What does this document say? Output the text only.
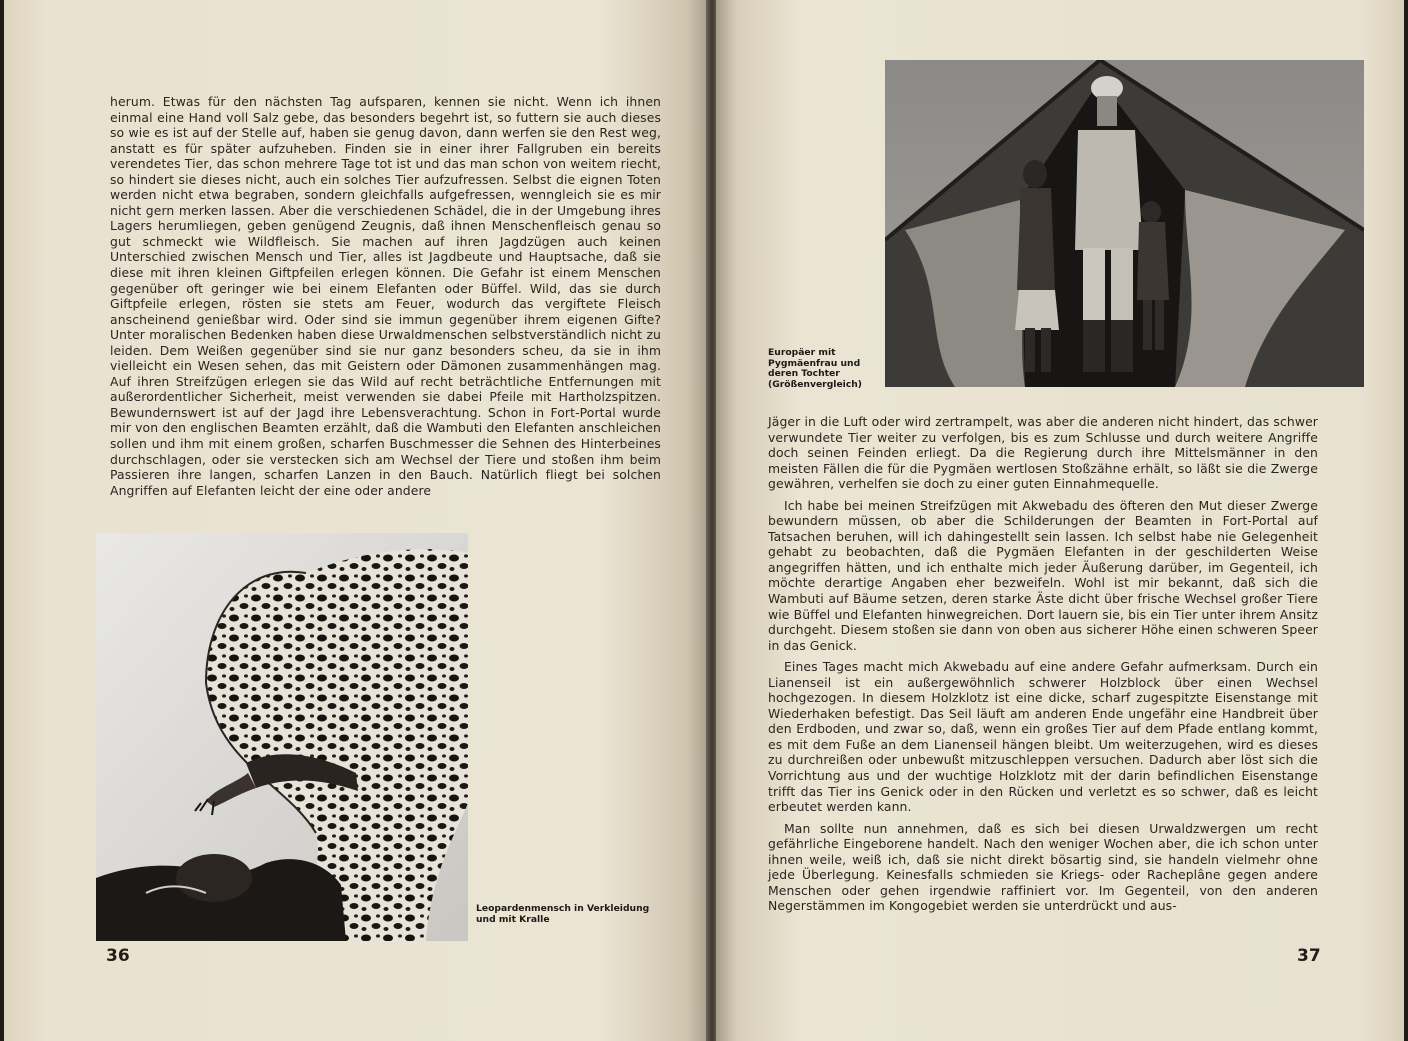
herum. Etwas für den nächsten Tag aufsparen, kennen sie nicht. Wenn ich ihnen einmal eine Hand voll Salz gebe, das besonders begehrt ist, so futtern sie auch dieses so wie es ist auf der Stelle auf, haben sie genug davon, dann werfen sie den Rest weg, anstatt es für später aufzuheben. Finden sie in einer ihrer Fallgruben ein bereits verendetes Tier, das schon mehrere Tage tot ist und das man schon von weitem riecht, so hindert sie dieses nicht, auch ein solches Tier aufzufressen. Selbst die eignen Toten werden nicht etwa begraben, sondern gleichfalls aufgefressen, wenngleich sie es mir nicht gern merken lassen. Aber die verschiedenen Schädel, die in der Umgebung ihres Lagers herumliegen, geben genügend Zeugnis, daß ihnen Menschenfleisch genau so gut schmeckt wie Wildfleisch. Sie machen auf ihren Jagdzügen auch keinen Unterschied zwischen Mensch und Tier, alles ist Jagdbeute und Hauptsache, daß sie diese mit ihren kleinen Giftpfeilen erlegen können. Die Gefahr ist einem Menschen gegenüber oft geringer wie bei einem Elefanten oder Büffel. Wild, das sie durch Giftpfeile erlegen, rösten sie stets am Feuer, wodurch das vergiftete Fleisch anscheinend genießbar wird. Oder sind sie immun gegenüber ihrem eigenen Gifte? Unter moralischen Bedenken haben diese Urwaldmenschen selbstverständlich nicht zu leiden. Dem Weißen gegenüber sind sie nur ganz besonders scheu, da sie in ihm vielleicht ein Wesen sehen, das mit Geistern oder Dämonen zusammenhängen mag. Auf ihren Streifzügen erlegen sie das Wild auf recht beträchtliche Entfernungen mit außerordentlicher Sicherheit, meist verwenden sie dabei Pfeile mit Hartholzspitzen. Bewundernswert ist auf der Jagd ihre Lebensverachtung. Schon in Fort-Portal wurde mir von den englischen Beamten erzählt, daß die Wambuti den Elefanten anschleichen sollen und ihm mit einem großen, scharfen Buschmesser die Sehnen des Hinterbeines durchschlagen, oder sie verstecken sich am Wechsel der Tiere und stoßen ihm beim Passieren ihre langen, scharfen Lanzen in den Bauch. Natürlich fliegt bei solchen Angriffen auf Elefanten leicht der eine oder andere

Leopardenmensch in Verkleidung und mit Kralle
36
Europäer mit Pygmäenfrau und deren Tochter (Größenvergleich)

Jäger in die Luft oder wird zertrampelt, was aber die anderen nicht hindert, das schwer verwundete Tier weiter zu verfolgen, bis es zum Schlusse und durch weitere Angriffe doch seinen Feinden erliegt. Da die Regierung durch ihre Mittelsmänner in den meisten Fällen die für die Pygmäen wertlosen Stoßzähne erhält, so läßt sie die Zwerge gewähren, verhelfen sie doch zu einer guten Einnahmequelle.

Ich habe bei meinen Streifzügen mit Akwebadu des öfteren den Mut dieser Zwerge bewundern müssen, ob aber die Schilderungen der Beamten in Fort-Portal auf Tatsachen beruhen, will ich dahingestellt sein lassen. Ich selbst habe nie Gelegenheit gehabt zu beobachten, daß die Pygmäen Elefanten in der geschilderten Weise angegriffen hätten, und ich enthalte mich jeder Äußerung darüber, im Gegenteil, ich möchte derartige Angaben eher bezweifeln. Wohl ist mir bekannt, daß sich die Wambuti auf Bäume setzen, deren starke Äste dicht über frische Wechsel großer Tiere wie Büffel und Elefanten hinwegreichen. Dort lauern sie, bis ein Tier unter ihrem Ansitz durchgeht. Diesem stoßen sie dann von oben aus sicherer Höhe einen schweren Speer in das Genick.

Eines Tages macht mich Akwebadu auf eine andere Gefahr aufmerksam. Durch ein Lianenseil ist ein außergewöhnlich schwerer Holzblock über einen Wechsel hochgezogen. In diesem Holzklotz ist eine dicke, scharf zugespitzte Eisenstange mit Wiederhaken befestigt. Das Seil läuft am anderen Ende ungefähr eine Handbreit über den Erdboden, und zwar so, daß, wenn ein großes Tier auf dem Pfade entlang kommt, es mit dem Fuße an dem Lianenseil hängen bleibt. Um weiterzugehen, wird es dieses zu durchreißen oder unbewußt mitzuschleppen versuchen. Dadurch aber löst sich die Vorrichtung aus und der wuchtige Holzklotz mit der darin befindlichen Eisenstange trifft das Tier ins Genick oder in den Rücken und verletzt es so schwer, daß es leicht erbeutet werden kann.

Man sollte nun annehmen, daß es sich bei diesen Urwaldzwergen um recht gefährliche Eingeborene handelt. Nach den weniger Wochen aber, die ich schon unter ihnen weile, weiß ich, daß sie nicht direkt bösartig sind, sie handeln vielmehr ohne jede Überlegung. Keinesfalls schmieden sie Kriegs- oder Racheplâne gegen andere Menschen oder gehen irgendwie raffiniert vor. Im Gegenteil, von den anderen Negerstämmen im Kongogebiet werden sie unterdrückt und aus-

37
